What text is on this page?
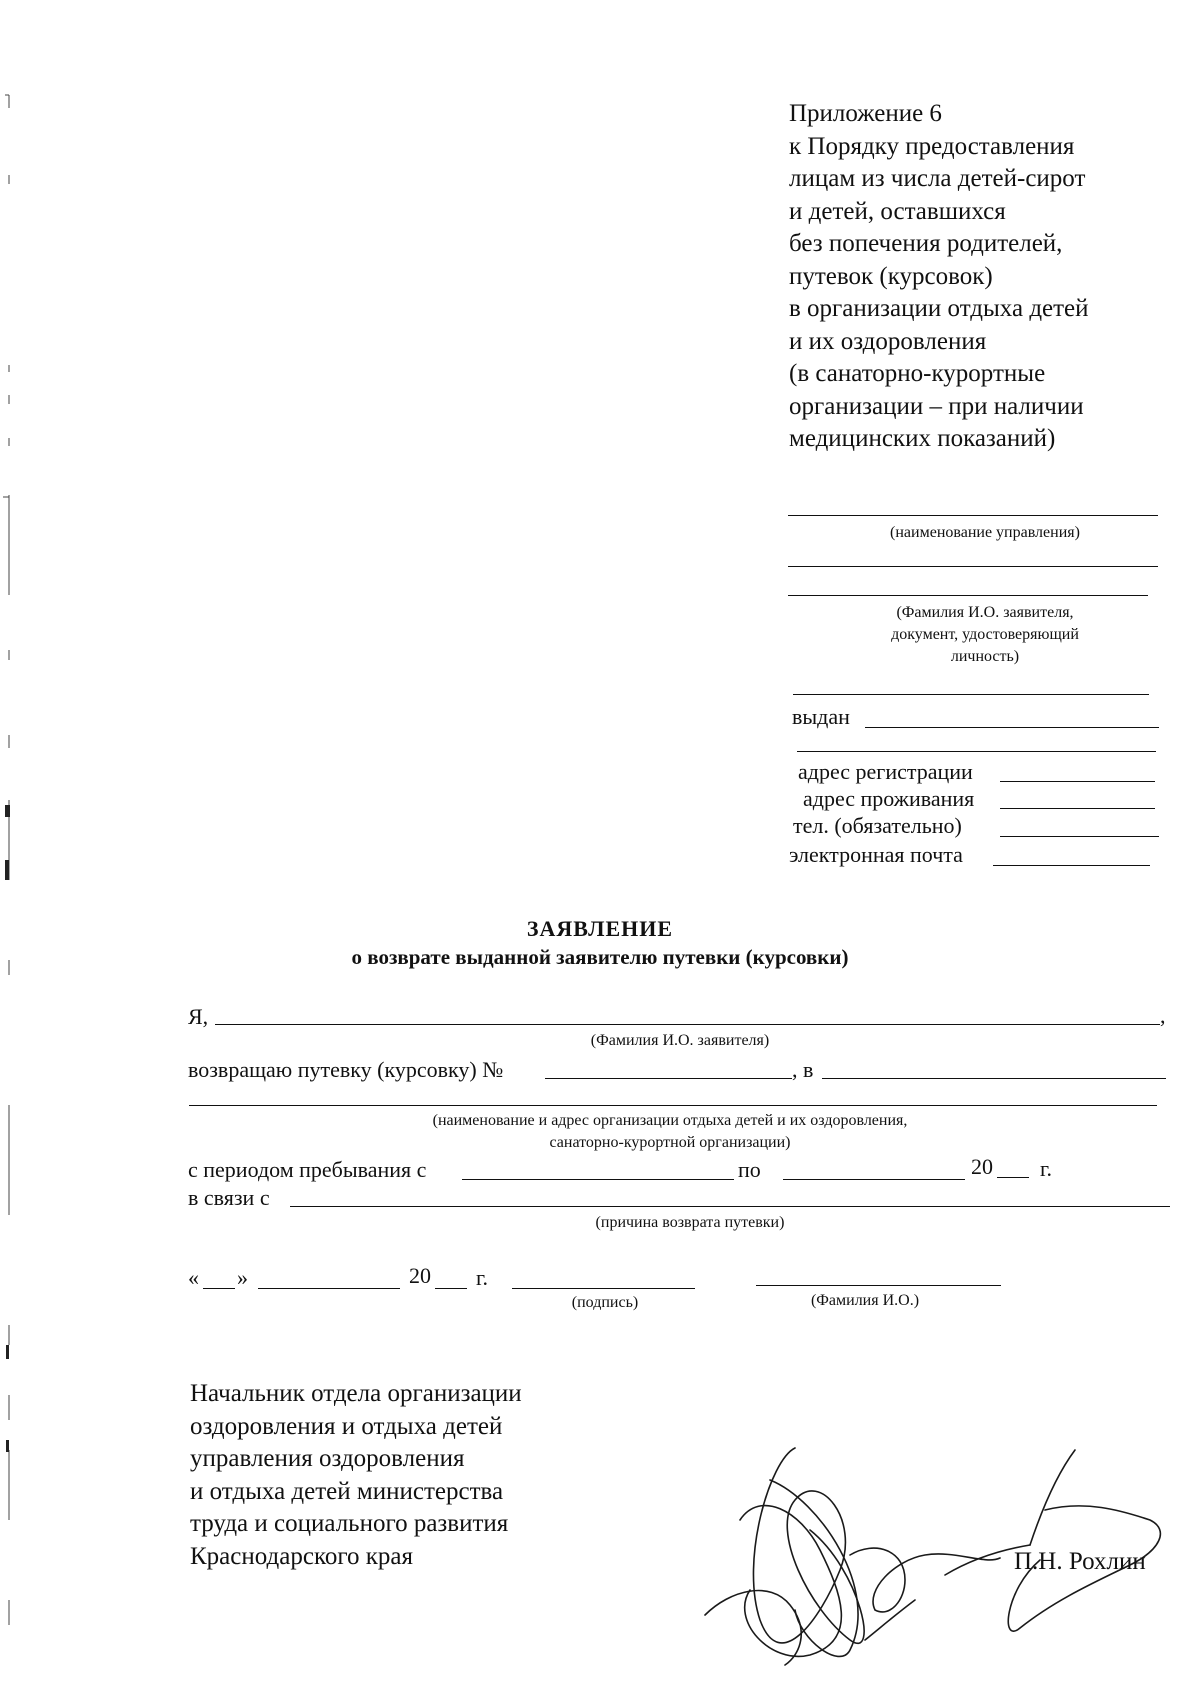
Приложение 6
к Порядку предоставления
лицам из числа детей-сирот
и детей, оставшихся
без попечения родителей,
путевок (курсовок)
в организации отдыха детей
и их оздоровления
(в санаторно-курортные
организации – при наличии
медицинских показаний)
(наименование управления)
(Фамилия И.О. заявителя,
документ, удостоверяющий
личность)
выдан
адрес регистрации
адрес проживания
тел. (обязательно)
электронная почта
ЗАЯВЛЕНИЕ
о возврате выданной заявителю путевки (курсовки)
Я,	,
(Фамилия И.О. заявителя)
возвращаю путевку (курсовку) №	, в
(наименование и адрес организации отдыха детей и их оздоровления,
санаторно-курортной организации)
с периодом пребывания с	по	20 г.
в связи с
(причина возврата путевки)
« »	20 г.
(подпись)	(Фамилия И.О.)
Начальник отдела организации
оздоровления и отдыха детей
управления оздоровления
и отдыха детей министерства
труда и социального развития
Краснодарского края	П.Н. Рохлин
